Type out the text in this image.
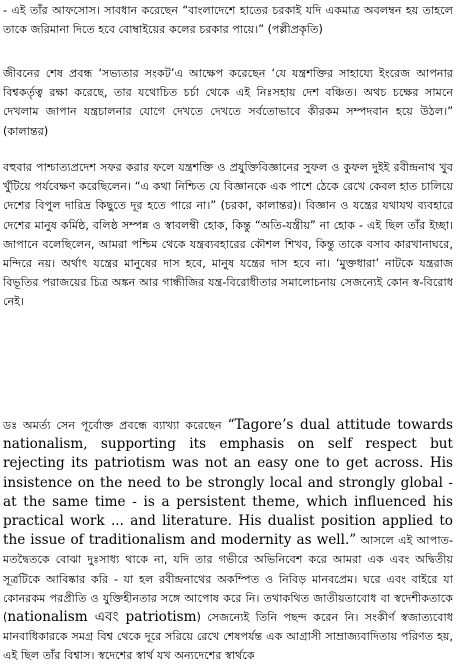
- এই তাঁর আফসোস। সাবধান করেছেন “বাংলাদেশে হাতের চরকাই যদি একমাত্র অবলম্বন হয় তাহলে তাকে জরিমানা দিতে হবে বোম্বাইয়ের কলের চরকার পায়ে।” (পল্লীপ্রকৃতি)

জীবনের শেষ প্রবন্ধ ‘সভ্যতার সংকট’এ আক্ষেপ করেছেন ‘যে যন্ত্রশক্তির সাহায্যে ইংরেজ আপনার বিশ্বকর্তৃত্ব রক্ষা করেছে, তার যথোচিত চর্চা থেকে এই নিঃসহায় দেশ বঞ্চিত। অথচ চক্ষের সামনে দেখলাম জাপান যন্ত্রচালনার যোগে দেখতে দেখতে সর্বতোভাবে কীরকম সম্পদবান হয়ে উঠল।” (কালান্তর)

বহুবার পাশ্চাত্যপ্রদেশ সফর করার ফলে যন্ত্রশক্তি ও প্রযুক্তিবিজ্ঞানের সুফল ও কুফল দুইই রবীন্দ্রনাথ খুব খুঁটিয়ে পর্যবেক্ষণ করেছিলেন। “এ কথা নিশ্চিত যে বিজ্ঞানকে এক পাশে ঠেকে রেখে কেবল হাত চালিয়ে দেশের বিপুল দারিদ্র কিছুতে দূর হতে পারে না।” (চরকা, কালান্তর)। বিজ্ঞান ও যন্ত্রের যথাযথ ব্যবহারে দেশের মানুষ কর্মিষ্ঠ, বলিষ্ঠ সম্পন্ন ও স্বাবলম্বী হোক, কিন্তু “অতি-যন্ত্রীয়” না হোক - এই ছিল তাঁর ইচ্ছা। জাপানে বলেছিলেন, আমরা পশ্চিম থেকে যন্ত্রব্যবহারের কৌশল শিখব, কিন্তু তাকে বসাব কারখানাঘরে, মন্দিরে নয়। অর্থাৎ যন্ত্রের মানুষের দাস হবে, মানুষ যন্ত্রের দাস হবে না। ‘মুক্তধারা’ নাটকে যন্ত্ররাজ বিভূতির পরাজয়ের চিত্র অঙ্কন আর গান্ধীজির যন্ত্র-বিরোধীতার সমালোচনায় সেজন্যেই কোন স্ব-বিরোধ নেই।

ডঃ অমর্ত্য সেন পূর্বোক্ত প্রবন্ধে ব্যাখ্যা করেছেন “Tagore’s dual attitude towards nationalism, supporting its emphasis on self respect but rejecting its patriotism was not an easy one to get across. His insistence on the need to be strongly local and strongly global - at the same time - is a persistent theme, which influenced his practical work ... and literature. His dualist position applied to the issue of traditionalism and modernity as well.” আসলে এই আপাত-মতদ্বৈতকে বোঝা দুঃসাধ্য থাকে না, যদি তার গভীরে অভিনিবেশ করে আমরা এক এবং অদ্বিতীয় সূত্রটিকে আবিষ্কার করি - যা হল রবীন্দ্রনাথের অকম্পিত ও নিবিড় মানবপ্রেম। ঘরে এবং বাইরে যা কোনরকম পরপ্রীতি ও যুক্তিহীনতার সঙ্গে আপোষ করে নি। তথাকথিত জাতীয়তাবোধ বা স্বদেশীকতাকে (nationalism এবং patriotism) সেজন্যেই তিনি পছন্দ করেন নি। সংকীর্ণ স্বজাত্যবোধ মানবাধিকারকে সমগ্র বিশ্ব থেকে দূরে সরিয়ে রেখে শেষপর্যন্ত এক আগ্রাসী সাম্রাজ্যবাদিতায় পরিণত হয়, এই ছিল তাঁর বিশ্বাস। স্বদেশের স্বার্থ যখ অন্যদেশের স্বার্থকে
